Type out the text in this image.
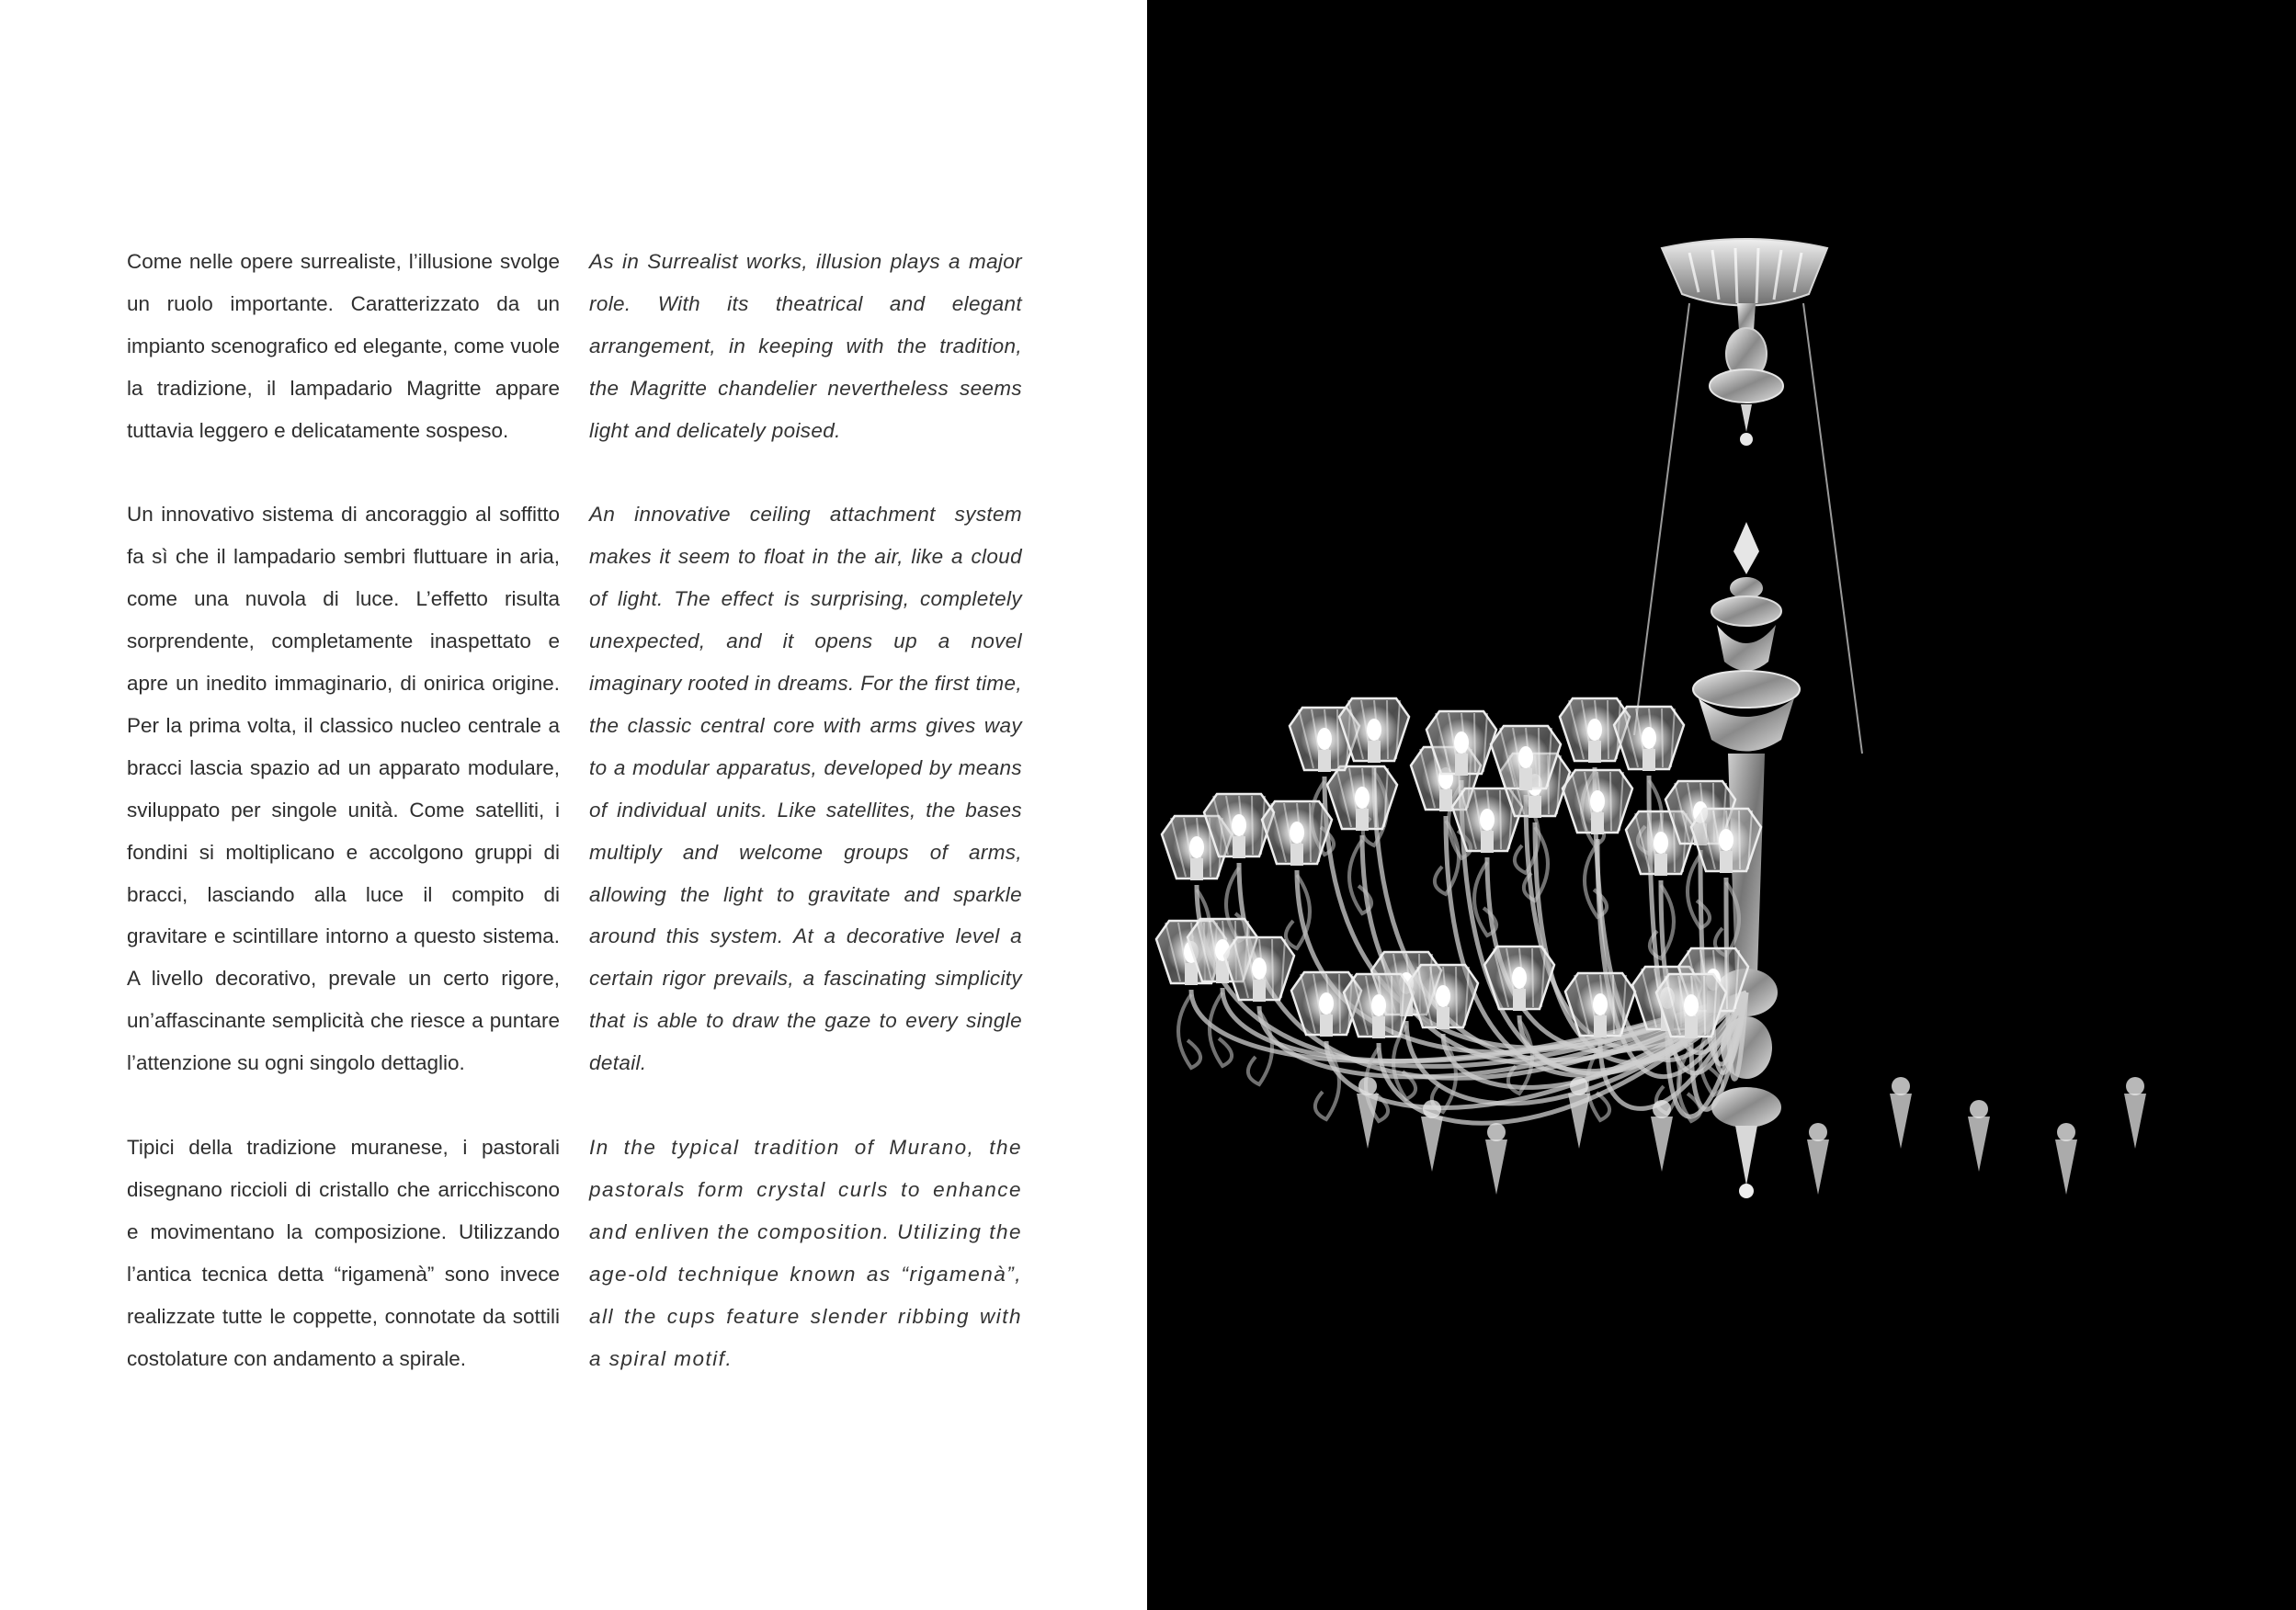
Come nelle opere surrealiste, l’illusione svolge un ruolo importante. Caratterizzato da un impianto scenografico ed elegante, come vuole la tradizione, il lampadario Magritte appare tuttavia leggero e delicatamente sospeso.

Un innovativo sistema di ancoraggio al soffitto fa sì che il lampadario sembri fluttuare in aria, come una nuvola di luce. L’effetto risulta sorprendente, completamente inaspettato e apre un inedito immaginario, di onirica origine. Per la prima volta, il classico nucleo centrale a bracci lascia spazio ad un apparato modulare, sviluppato per singole unità. Come satelliti, i fondini si moltiplicano e accolgono gruppi di bracci, lasciando alla luce il compito di gravitare e scintillare intorno a questo sistema. A livello decorativo, prevale un certo rigore, un’affascinante semplicità che riesce a puntare l’attenzione su ogni singolo dettaglio.

Tipici della tradizione muranese, i pastorali disegnano riccioli di cristallo che arricchiscono e movimentano la composizione. Utilizzando l’antica tecnica detta “rigamenà” sono invece realizzate tutte le coppette, connotate da sottili costolature con andamento a spirale.

As in Surrealist works, illusion plays a major role. With its theatrical and elegant arrangement, in keeping with the tradition, the Magritte chandelier nevertheless seems light and delicately poised.

An innovative ceiling attachment system makes it seem to float in the air, like a cloud of light. The effect is surprising, completely unexpected, and it opens up a novel imaginary rooted in dreams. For the first time, the classic central core with arms gives way to a modular apparatus, developed by means of individual units. Like satellites, the bases multiply and welcome groups of arms, allowing the light to gravitate and sparkle around this system. At a decorative level a certain rigor prevails, a fascinating simplicity that is able to draw the gaze to every single detail.

In the typical tradition of Murano, the pastorals form crystal curls to enhance and enliven the composition. Utilizing the age-old technique known as “rigamenà”, all the cups feature slender ribbing with a spiral motif.
